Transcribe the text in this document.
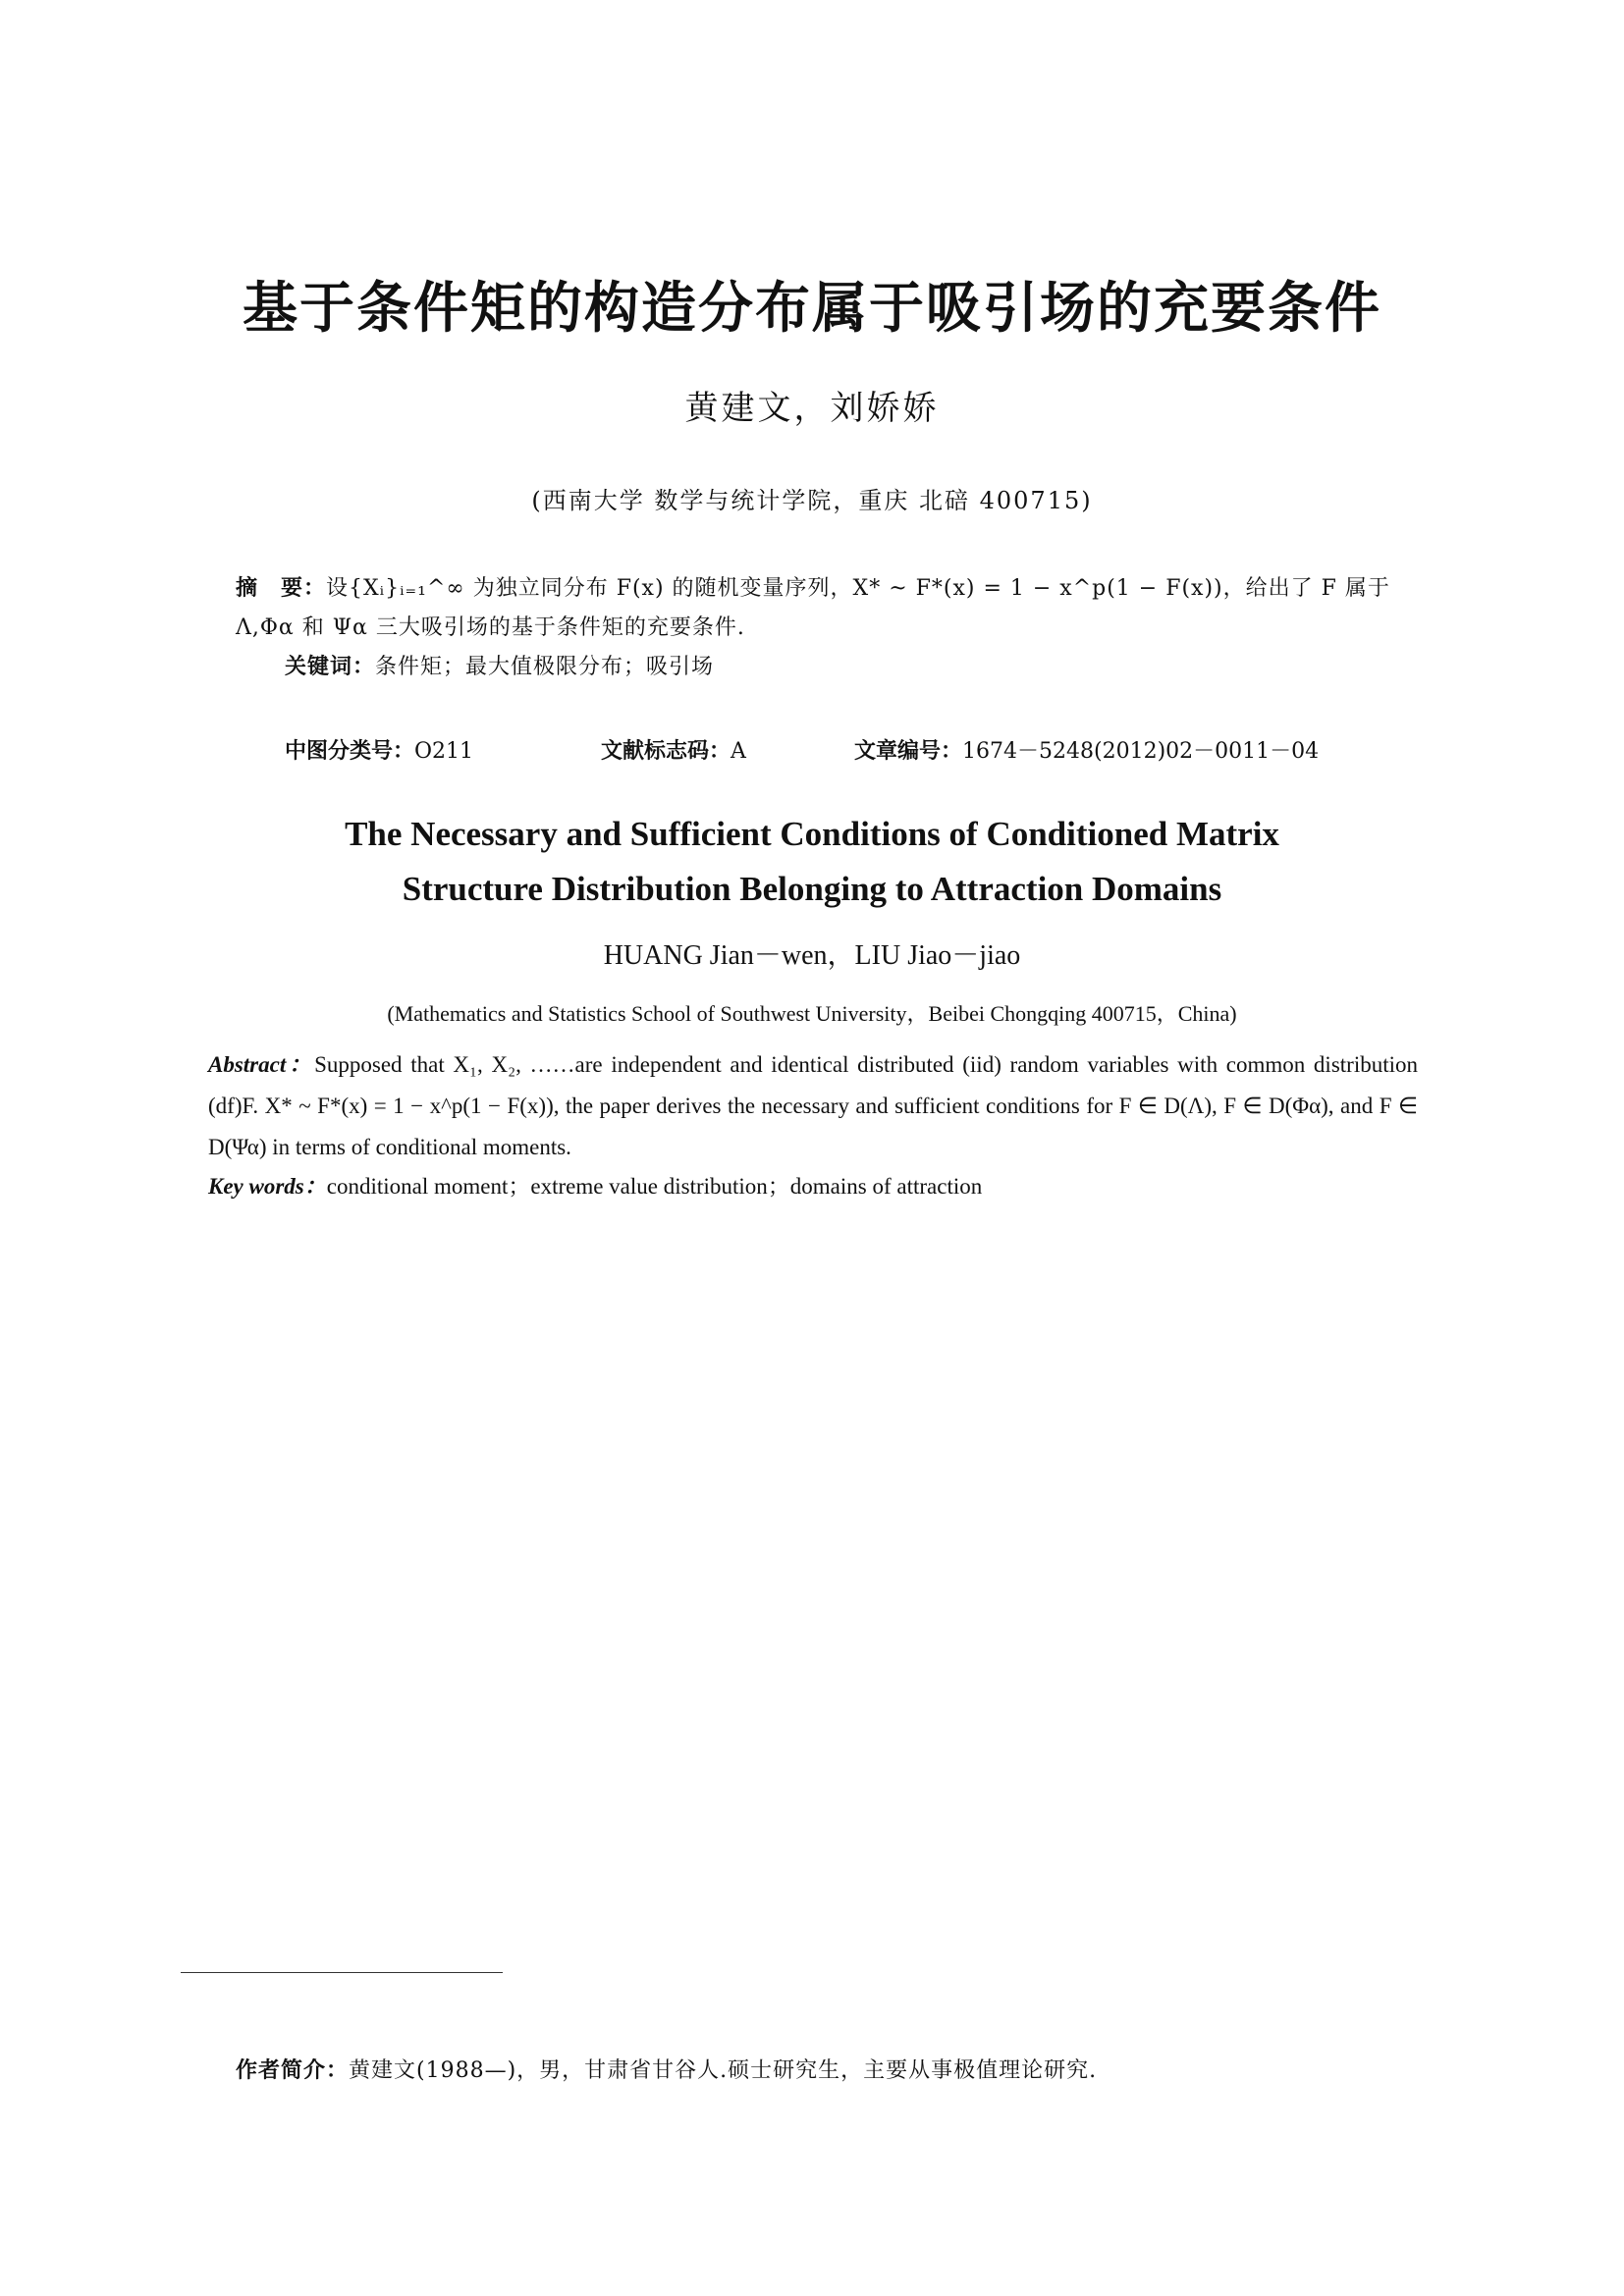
基于条件矩的构造分布属于吸引场的充要条件
黄建文，刘娇娇
(西南大学 数学与统计学院，重庆 北碚 400715)
摘　要：设{Xᵢ}ᵢ₌₁^∞ 为独立同分布 F(x) 的随机变量序列，X* ~ F*(x) = 1 − x^p(1 − F(x))，给出了 F 属于
Λ,Φα 和 Ψα 三大吸引场的基于条件矩的充要条件.
关键词：条件矩；最大值极限分布；吸引场
中图分类号：O211	文献标志码：A	文章编号：1674－5248(2012)02－0011－04
The Necessary and Sufficient Conditions of Conditioned Matrix
Structure Distribution Belonging to Attraction Domains
HUANG Jian－wen，LIU Jiao－jiao
(Mathematics and Statistics School of Southwest University，Beibei Chongqing 400715，China)
Abstract：Supposed that X₁, X₂, ……are independent and identical distributed (iid) random variables with common distribution (df)F. X* ~ F*(x) = 1 − x^p(1 − F(x)), the paper derives the necessary and sufficient conditions for F ∈ D(Λ), F ∈ D(Φα), and F ∈ D(Ψα) in terms of conditional moments.
Key words：conditional moment；extreme value distribution；domains of attraction
作者简介：黄建文(1988—)，男，甘肃省甘谷人.硕士研究生，主要从事极值理论研究.
